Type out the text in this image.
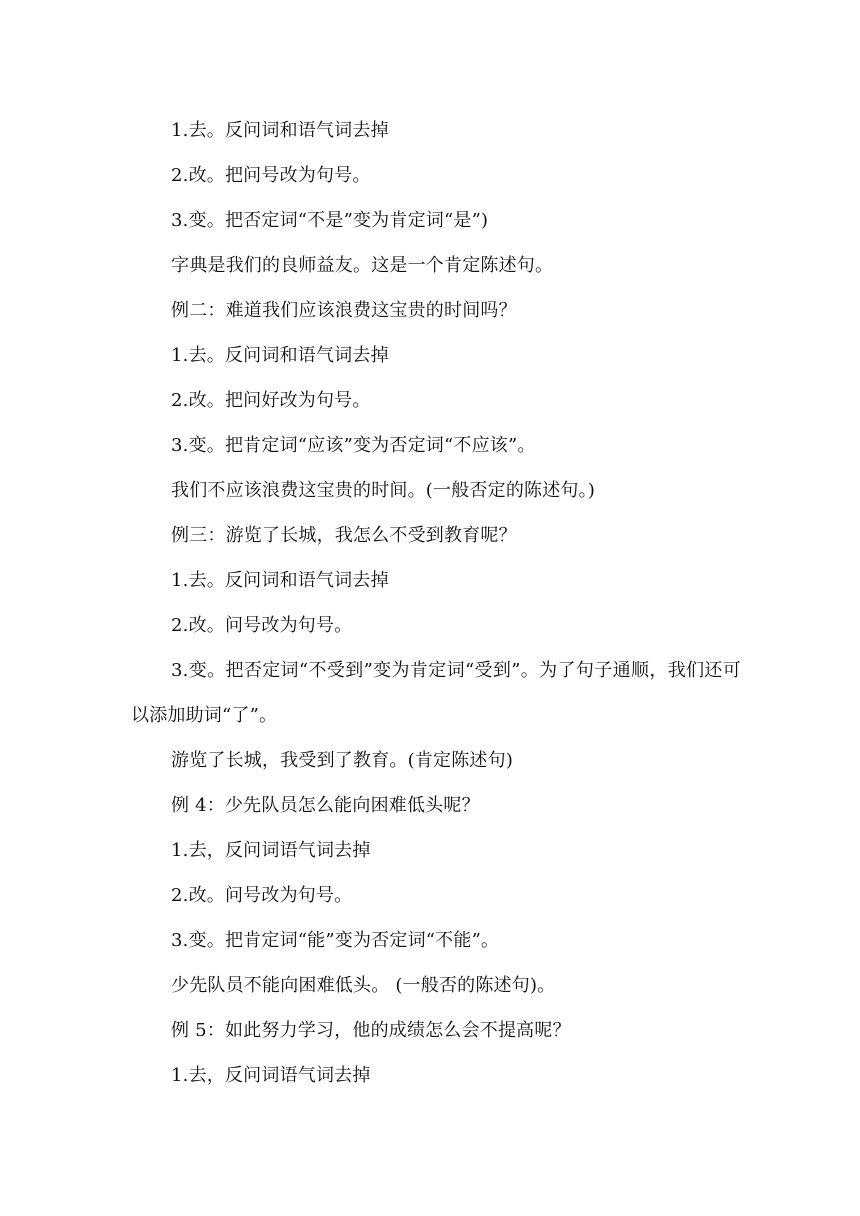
1.去。反问词和语气词去掉

2.改。把问号改为句号。

3.变。把否定词“不是”变为肯定词“是”)

字典是我们的良师益友。这是一个肯定陈述句。

例二：难道我们应该浪费这宝贵的时间吗？

1.去。反问词和语气词去掉

2.改。把问好改为句号。

3.变。把肯定词“应该”变为否定词“不应该”。

我们不应该浪费这宝贵的时间。(一般否定的陈述句。)

例三：游览了长城，我怎么不受到教育呢？

1.去。反问词和语气词去掉

2.改。问号改为句号。

3.变。把否定词“不受到”变为肯定词“受到”。为了句子通顺，我们还可以添加助词“了”。

游览了长城，我受到了教育。(肯定陈述句)

例 4：少先队员怎么能向困难低头呢？

1.去，反问词语气词去掉

2.改。问号改为句号。

3.变。把肯定词“能”变为否定词“不能”。

少先队员不能向困难低头。 (一般否的陈述句)。

例 5：如此努力学习，他的成绩怎么会不提高呢？

1.去，反问词语气词去掉
